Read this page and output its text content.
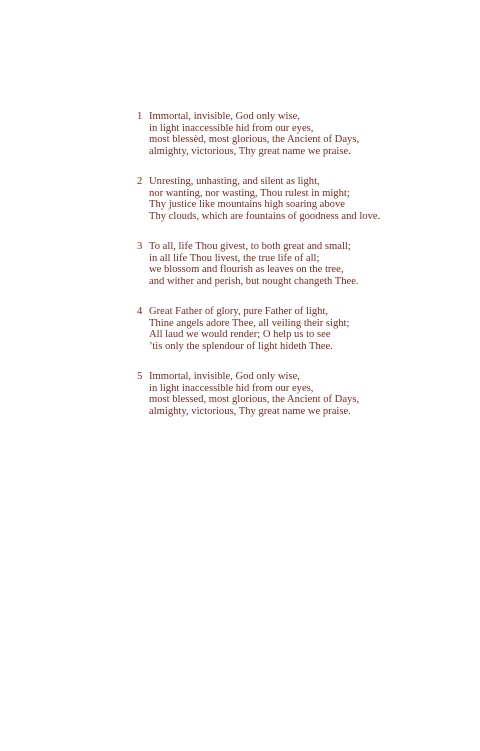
1 Immortal, invisible, God only wise,
in light inaccessible hid from our eyes,
most blessèd, most glorious, the Ancient of Days,
almighty, victorious, Thy great name we praise.
2 Unresting, unhasting, and silent as light,
nor wanting, nor wasting, Thou rulest in might;
Thy justice like mountains high soaring above
Thy clouds, which are fountains of goodness and love.
3 To all, life Thou givest, to both great and small;
in all life Thou livest, the true life of all;
we blossom and flourish as leaves on the tree,
and wither and perish, but nought changeth Thee.
4 Great Father of glory, pure Father of light,
Thine angels adore Thee, all veiling their sight;
All laud we would render; O help us to see
’tis only the splendour of light hideth Thee.
5 Immortal, invisible, God only wise,
in light inaccessible hid from our eyes,
most blessed, most glorious, the Ancient of Days,
almighty, victorious, Thy great name we praise.
